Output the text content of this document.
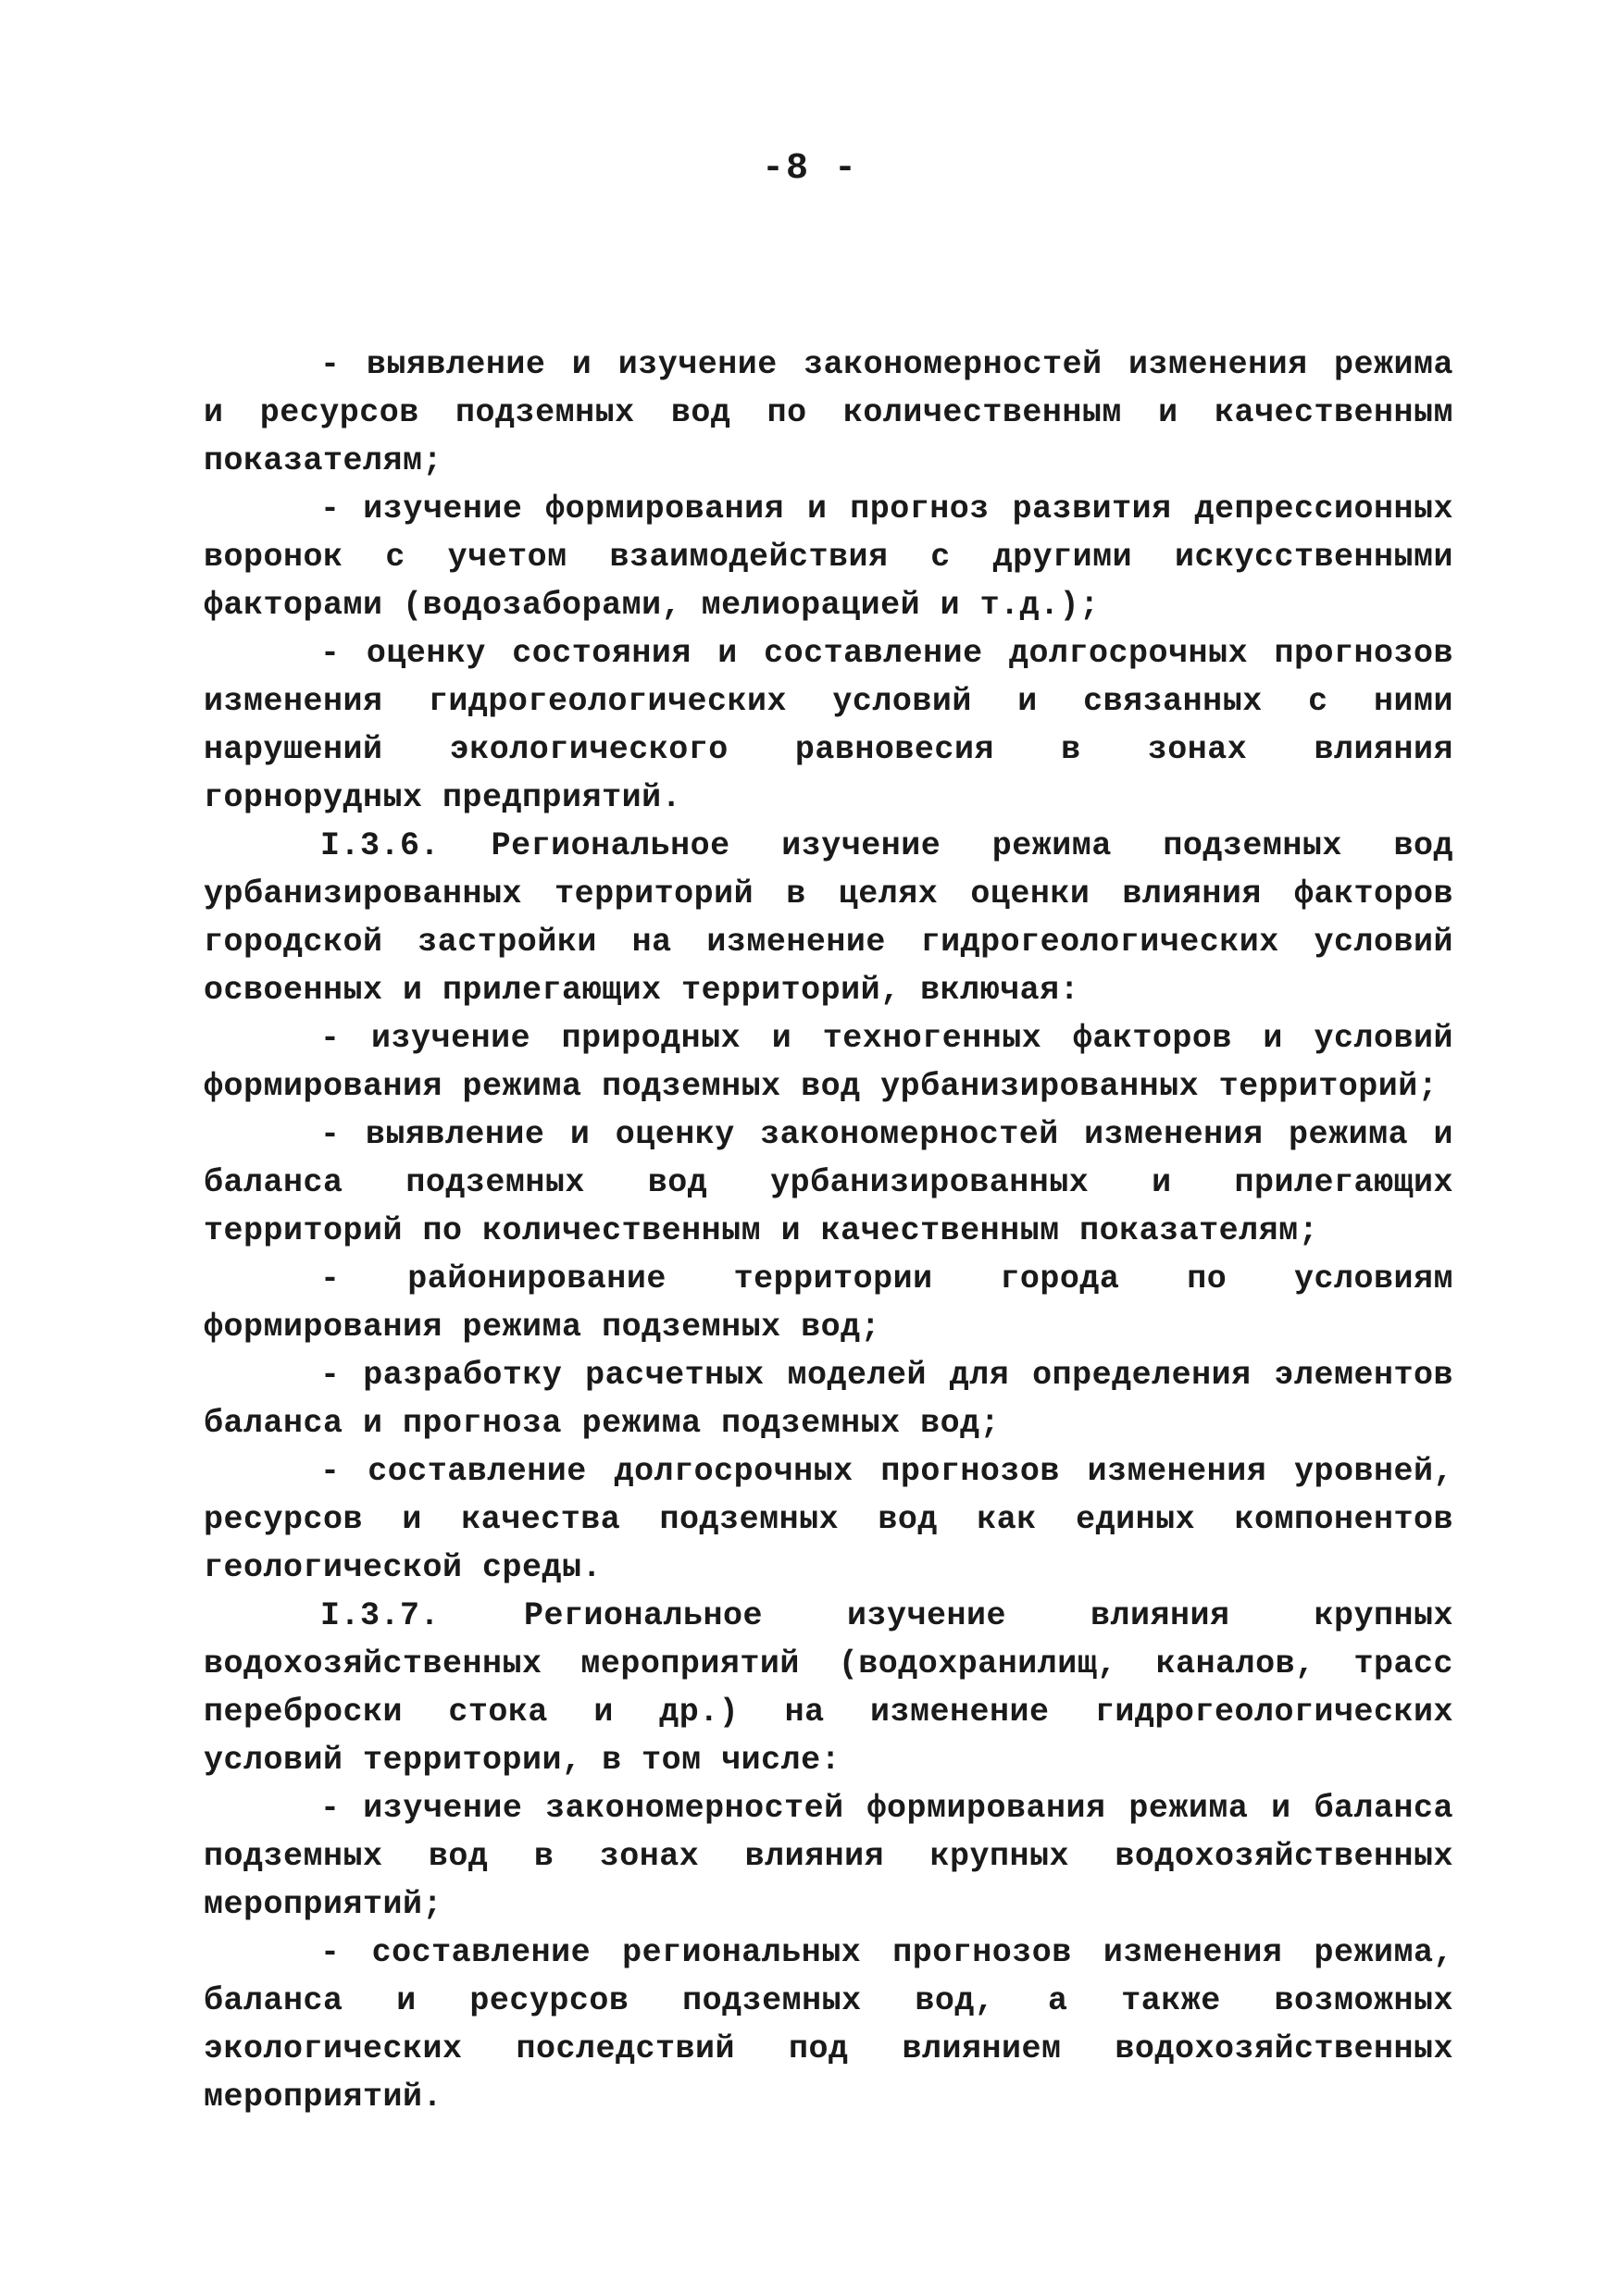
-8 -

- выявление и изучение закономерностей изменения режима и ресурсов подземных вод по количественным и качественным показателям;

- изучение формирования и прогноз развития депрессионных воронок с учетом взаимодействия с другими искусственными факторами (водозаборами, мелиорацией и т.д.);

- оценку состояния и составление долгосрочных прогнозов изменения гидрогеологических условий и связанных с ними нарушений экологического равновесия в зонах влияния горнорудных предприятий.

I.3.6. Региональное изучение режима подземных вод урбанизированных территорий в целях оценки влияния факторов городской застройки на изменение гидрогеологических условий освоенных и прилегающих территорий, включая:

- изучение природных и техногенных факторов и условий формирования режима подземных вод урбанизированных территорий;

- выявление и оценку закономерностей изменения режима и баланса подземных вод урбанизированных и прилегающих территорий по количественным и качественным показателям;

- районирование территории города по условиям формирования режима подземных вод;

- разработку расчетных моделей для определения элементов баланса и прогноза режима подземных вод;

- составление долгосрочных прогнозов изменения уровней, ресурсов и качества подземных вод как единых компонентов геологической среды.

I.3.7. Региональное изучение влияния крупных водохозяйственных мероприятий (водохранилищ, каналов, трасс переброски стока и др.) на изменение гидрогеологических условий территории, в том числе:

- изучение закономерностей формирования режима и баланса подземных вод в зонах влияния крупных водохозяйственных мероприятий;

- составление региональных прогнозов изменения режима, баланса и ресурсов подземных вод, а также возможных экологических последствий под влиянием водохозяйственных мероприятий.
